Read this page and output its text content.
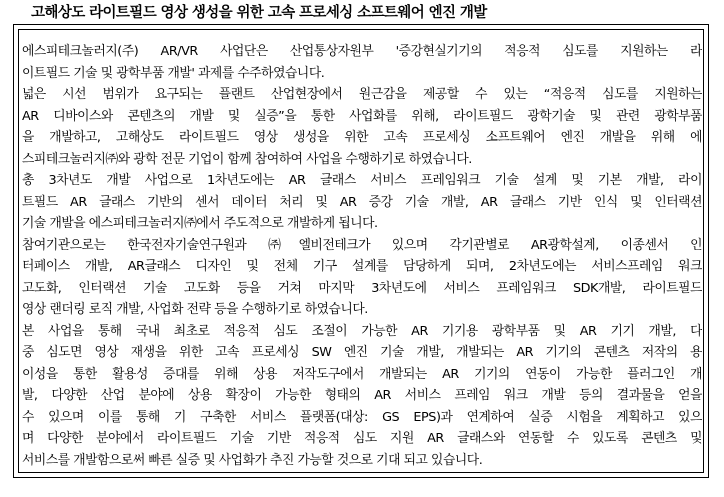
고해상도 라이트필드 영상 생성을 위한 고속 프로세싱 소프트웨어 엔진 개발
에스피테크놀러지(주) AR/VR 사업단은 산업통상자원부 '증강현실기기의 적응적 심도를 지원하는 라
이트필드 기술 및 광학부품 개발' 과제를 수주하였습니다.
넓은 시선 범위가 요구되는 플랜트 산업현장에서 원근감을 제공할 수 있는 “적응적 심도를 지원하는
AR 디바이스와 콘텐츠의 개발 및 실증”을 통한 사업화를 위해, 라이트필드 광학기술 및 관련 광학부품
을 개발하고, 고해상도 라이트필드 영상 생성을 위한 고속 프로세싱 소프트웨어 엔진 개발을 위해 에
스피테크놀러지㈜와 광학 전문 기업이 함께 참여하여 사업을 수행하기로 하였습니다.
총 3차년도 개발 사업으로 1차년도에는 AR 글래스 서비스 프레임워크 기술 설계 및 기본 개발, 라이
트필드 AR 글래스 기반의 센서 데이터 처리 및 AR 증강 기술 개발, AR 글래스 기반 인식 및 인터랙션
기술 개발을 에스피테크놀러지㈜에서 주도적으로 개발하게 됩니다.
참여기관으로는 한국전자기술연구원과 ㈜엘비전테크가 있으며 각기관별로 AR광학설계, 이종센서 인
터페이스 개발, AR글래스 디자인 및 전체 기구 설계를 담당하게 되며, 2차년도에는 서비스프레임 워크
고도화, 인터랙션 기술 고도화 등을 거쳐 마지막 3차년도에 서비스 프레임워크 SDK개발, 라이트필드
영상 랜더링 로직 개발, 사업화 전략 등을 수행하기로 하였습니다.
본 사업을 통해 국내 최초로 적응적 심도 조절이 가능한 AR 기기용 광학부품 및 AR 기기 개발, 다
중 심도면 영상 재생을 위한 고속 프로세싱 SW 엔진 기술 개발, 개발되는 AR 기기의 콘텐츠 저작의 용
이성을 통한 활용성 증대를 위해 상용 저작도구에서 개발되는 AR 기기의 연동이 가능한 플러그인 개
발, 다양한 산업 분야에 상용 확장이 가능한 형태의 AR 서비스 프레임 워크 개발 등의 결과물을 얻을
수 있으며 이를 통해 기 구축한 서비스 플랫폼(대상: GS EPS)과 연계하여 실증 시험을 계획하고 있으
며 다양한 분야에서 라이트필드 기술 기반 적응적 심도 지원 AR 글래스와 연동할 수 있도록 콘텐츠 및
서비스를 개발함으로써 빠른 실증 및 사업화가 추진 가능할 것으로 기대 되고 있습니다.
